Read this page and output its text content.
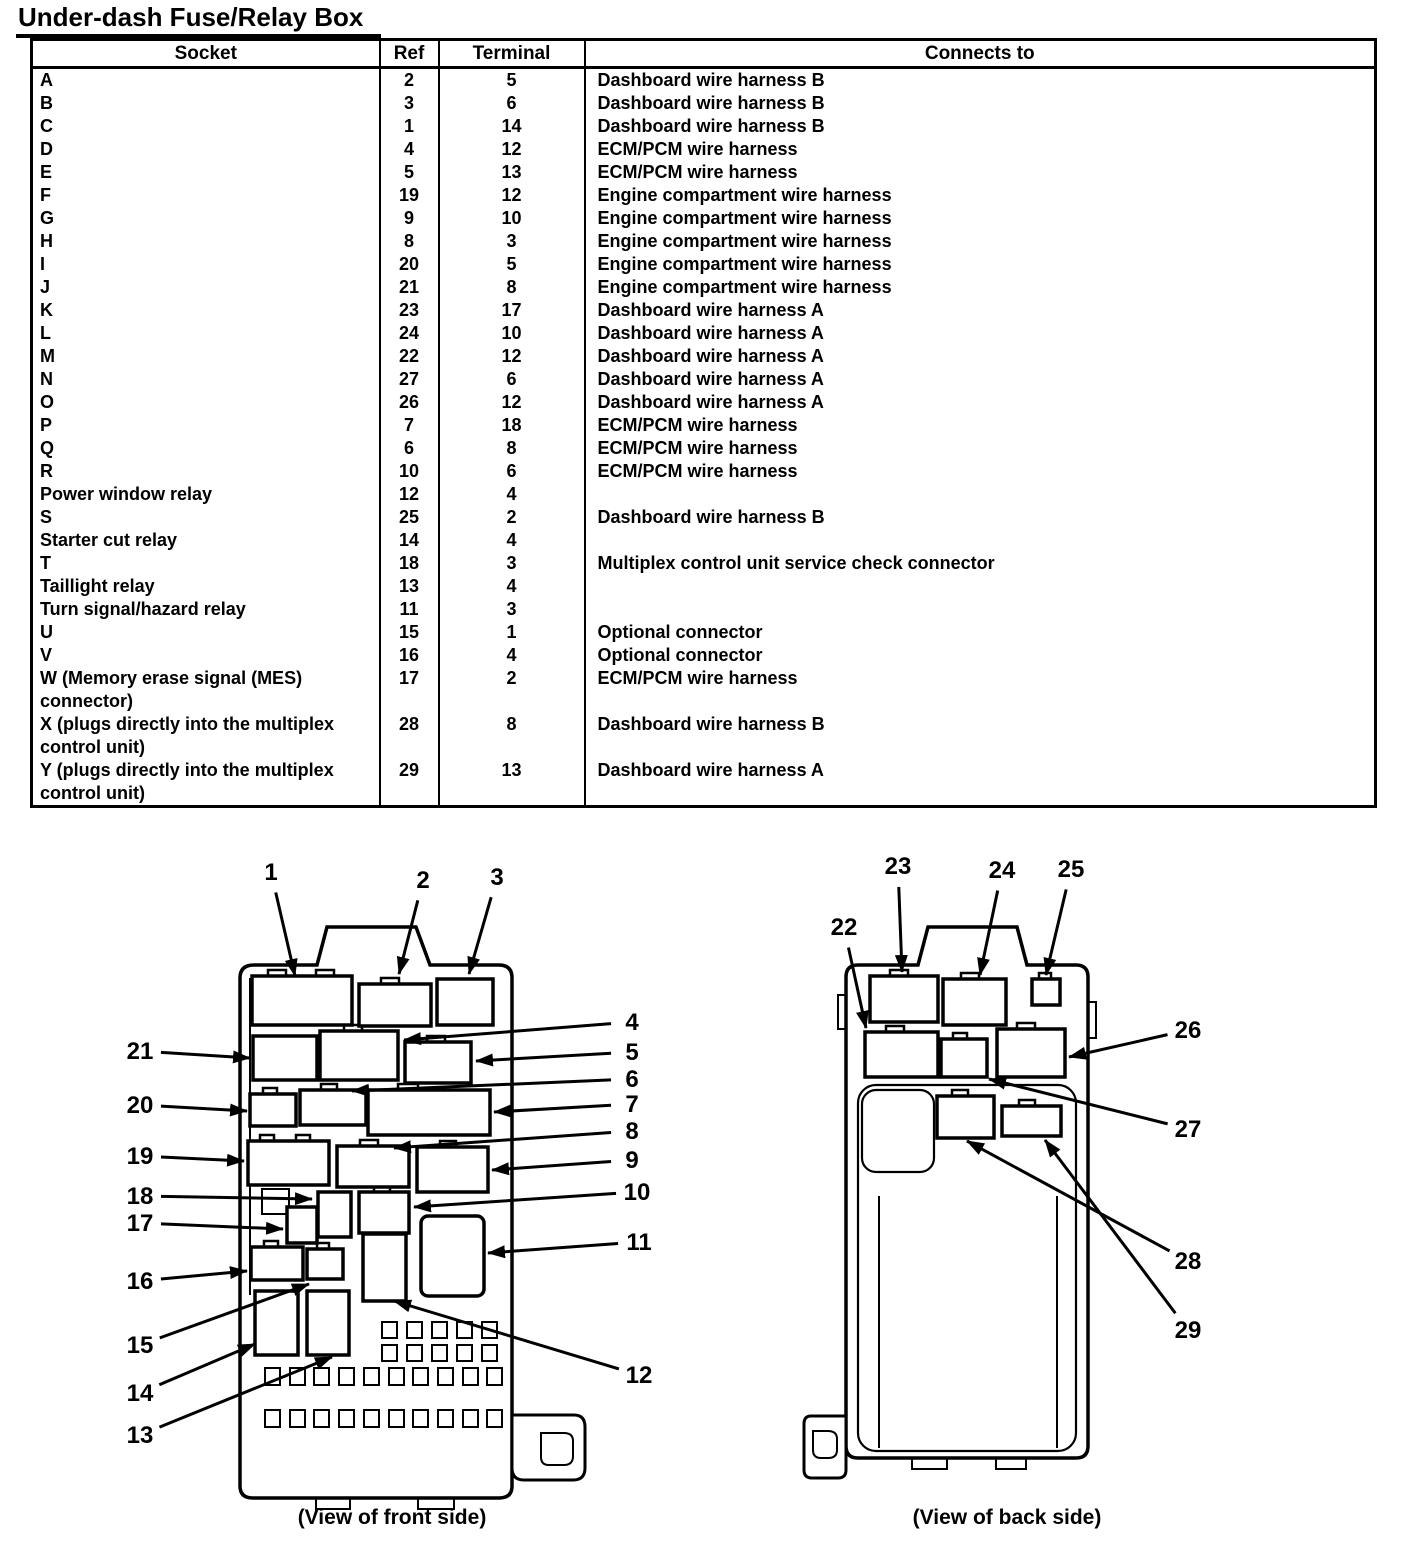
Under-dash Fuse/Relay Box
Socket	Ref	Terminal	Connects to
A	2	5	Dashboard wire harness B
B	3	6	Dashboard wire harness B
C	1	14	Dashboard wire harness B
D	4	12	ECM/PCM wire harness
E	5	13	ECM/PCM wire harness
F	19	12	Engine compartment wire harness
G	9	10	Engine compartment wire harness
H	8	3	Engine compartment wire harness
I	20	5	Engine compartment wire harness
J	21	8	Engine compartment wire harness
K	23	17	Dashboard wire harness A
L	24	10	Dashboard wire harness A
M	22	12	Dashboard wire harness A
N	27	6	Dashboard wire harness A
O	26	12	Dashboard wire harness A
P	7	18	ECM/PCM wire harness
Q	6	8	ECM/PCM wire harness
R	10	6	ECM/PCM wire harness
Power window relay	12	4	
S	25	2	Dashboard wire harness B
Starter cut relay	14	4	
T	18	3	Multiplex control unit service check connector
Taillight relay	13	4	
Turn signal/hazard relay	11	3	
U	15	1	Optional connector
V	16	4	Optional connector
W (Memory erase signal (MES) connector)	17	2	ECM/PCM wire harness
X (plugs directly into the multiplex control unit)	28	8	Dashboard wire harness B
Y (plugs directly into the multiplex control unit)	29	13	Dashboard wire harness A
1	2	3
4
5
6
7
8
9
10
11
12
21
20
19
18
17
16
15
14
13
22
23	24 25
26
27
28
29
(View of front side)	(View of back side)
